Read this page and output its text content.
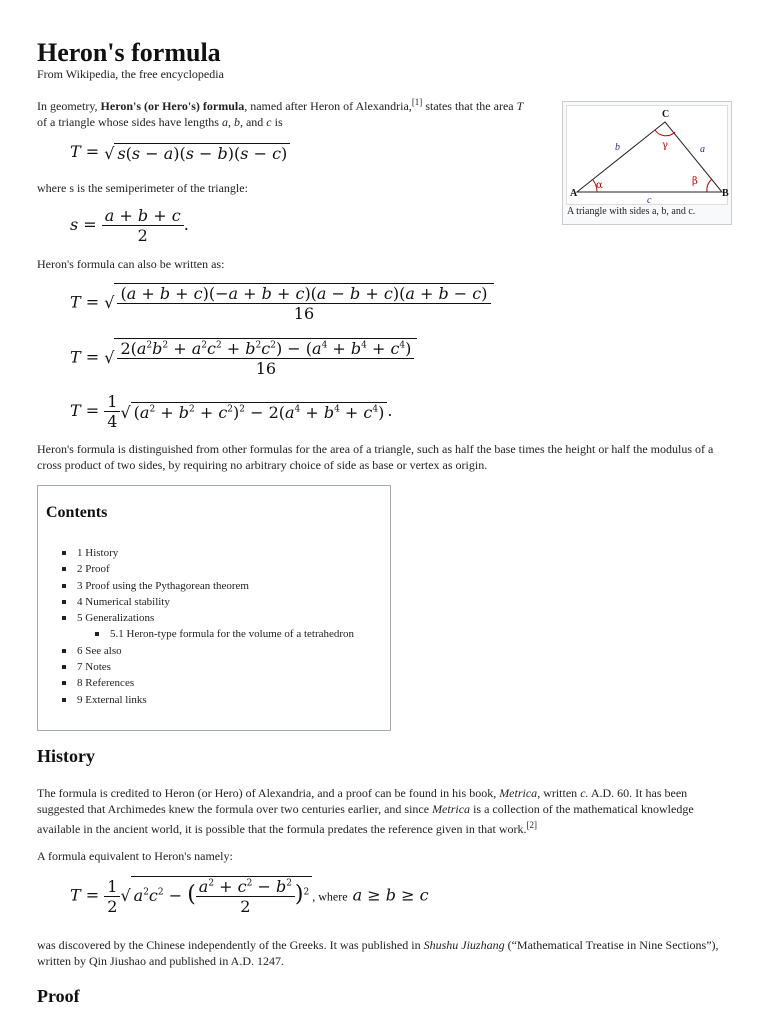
Heron's formula
From Wikipedia, the free encyclopedia
In geometry, Heron's (or Hero's) formula, named after Heron of Alexandria,[1] states that the area T
of a triangle whose sides have lengths a, b, and c is
T = √ s(s − a)(s − b)(s − c)
where s is the semiperimeter of the triangle:
$s = \frac{a + b + c}{2}$ .
Heron's formula can also be written as:
T = √ $\frac{(a + b + c)(-a + b + c)(a - b + c)(a + b - c)}{16}$
T = √ $\frac{2(a^2b^2 + a^2c^2 + b^2c^2) - (a^4 + b^4 + c^4)}{16}$
$T = \frac{1}{4}$ √ $(a^2 + b^2 + c^2)^2 - 2(a^4 + b^4 + c^4)$ .
Heron's formula is distinguished from other formulas for the area of a triangle, such as half the base times the height or half the modulus of a cross product of two sides, by requiring no arbitrary choice of side as base or vertex as origin.
A	B
C
a
b
c
α	β
γ
A triangle with sides a, b, and c.
Contents
1 History
2 Proof
3 Proof using the Pythagorean theorem
4 Numerical stability
5 Generalizations
5.1 Heron-type formula for the volume of a tetrahedron
6 See also
7 Notes
8 References
9 External links
History
The formula is credited to Heron (or Hero) of Alexandria, and a proof can be found in his book, Metrica, written c. A.D. 60. It has been suggested that Archimedes knew the formula over two centuries earlier, and since Metrica is a collection of the mathematical knowledge available in the ancient world, it is possible that the formula predates the reference given in that work.[2]
A formula equivalent to Heron's namely:
$T = \frac{1}{2}$ √ $a^2c^2$ − ( $\frac{a^2 + c^2 - b^2}{2} )^2$ , where a ≥ b ≥ c
was discovered by the Chinese independently of the Greeks. It was published in Shushu Jiuzhang (“Mathematical Treatise in Nine Sections”), written by Qin Jiushao and published in A.D. 1247.
Proof
